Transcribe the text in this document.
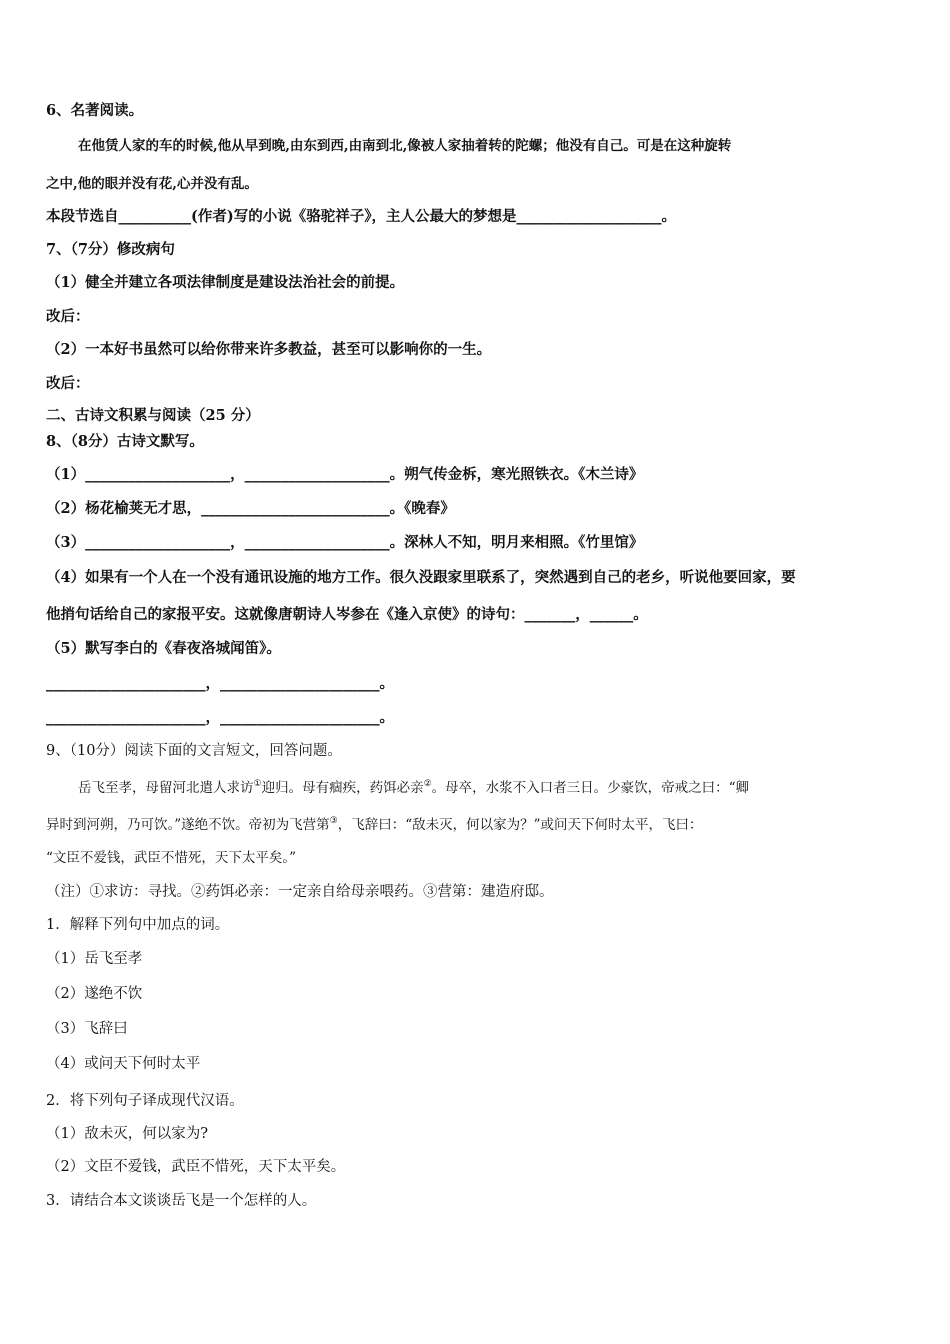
6、名著阅读。
在他赁人家的车的时候,他从早到晚,由东到西,由南到北,像被人家抽着转的陀螺；他没有自己。可是在这种旋转
之中,他的眼并没有花,心并没有乱。
本段节选自__________(作者)写的小说《骆驼祥子》，主人公最大的梦想是____________________。
7、（7分）修改病句
（1）健全并建立各项法律制度是建设法治社会的前提。
改后：
（2）一本好书虽然可以给你带来许多教益，甚至可以影响你的一生。
改后：
二、古诗文积累与阅读（25 分）
8、（8分）古诗文默写。
（1）____________________，____________________。朔气传金柝，寒光照铁衣。《木兰诗》
（2）杨花榆荚无才思，__________________________。《晚春》
（3）____________________，____________________。深林人不知，明月来相照。《竹里馆》
（4）如果有一个人在一个没有通讯设施的地方工作。很久没跟家里联系了，突然遇到自己的老乡，听说他要回家，要
他捎句话给自己的家报平安。这就像唐朝诗人岑参在《逢入京使》的诗句：_______，______。
（5）默写李白的《春夜洛城闻笛》。
______________________，______________________。
______________________，______________________。
9、（10分）阅读下面的文言短文，回答问题。
岳飞至孝，母留河北遣人求访①迎归。母有痼疾，药饵必亲②。母卒，水浆不入口者三日。少豪饮，帝戒之曰：“卿
异时到河朔，乃可饮。”遂绝不饮。帝初为飞营第③，飞辞曰：“敌未灭，何以家为？”或问天下何时太平，飞曰：
“文臣不爱钱，武臣不惜死，天下太平矣。”
（注）①求访：寻找。②药饵必亲：一定亲自给母亲喂药。③营第：建造府邸。
1．解释下列句中加点的词。
（1）岳飞至孝
（2）遂绝不饮
（3）飞辞曰
（4）或问天下何时太平
2．将下列句子译成现代汉语。
（1）敌未灭，何以家为?
（2）文臣不爱钱，武臣不惜死，天下太平矣。
3．请结合本文谈谈岳飞是一个怎样的人。
